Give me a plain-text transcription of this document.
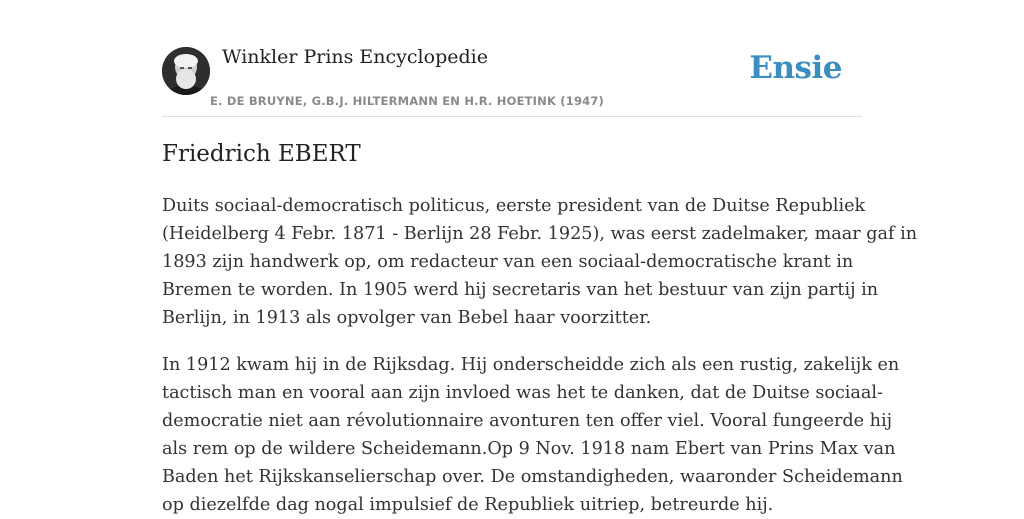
Winkler Prins Encyclopedie
E. DE BRUYNE, G.B.J. HILTERMANN EN H.R. HOETINK (1947)
Ensie
Friedrich EBERT

Duits sociaal-democratisch politicus, eerste president van de Duitse Republiek
(Heidelberg 4 Febr. 1871 - Berlijn 28 Febr. 1925), was eerst zadelmaker, maar gaf in
1893 zijn handwerk op, om redacteur van een sociaal-democratische krant in
Bremen te worden. In 1905 werd hij secretaris van het bestuur van zijn partij in
Berlijn, in 1913 als opvolger van Bebel haar voorzitter.

In 1912 kwam hij in de Rijksdag. Hij onderscheidde zich als een rustig, zakelijk en
tactisch man en vooral aan zijn invloed was het te danken, dat de Duitse sociaal-
democratie niet aan révolutionnaire avonturen ten offer viel. Vooral fungeerde hij
als rem op de wildere Scheidemann.Op 9 Nov. 1918 nam Ebert van Prins Max van
Baden het Rijkskanselierschap over. De omstandigheden, waaronder Scheidemann
op diezelfde dag nogal impulsief de Republiek uitriep, betreurde hij.
